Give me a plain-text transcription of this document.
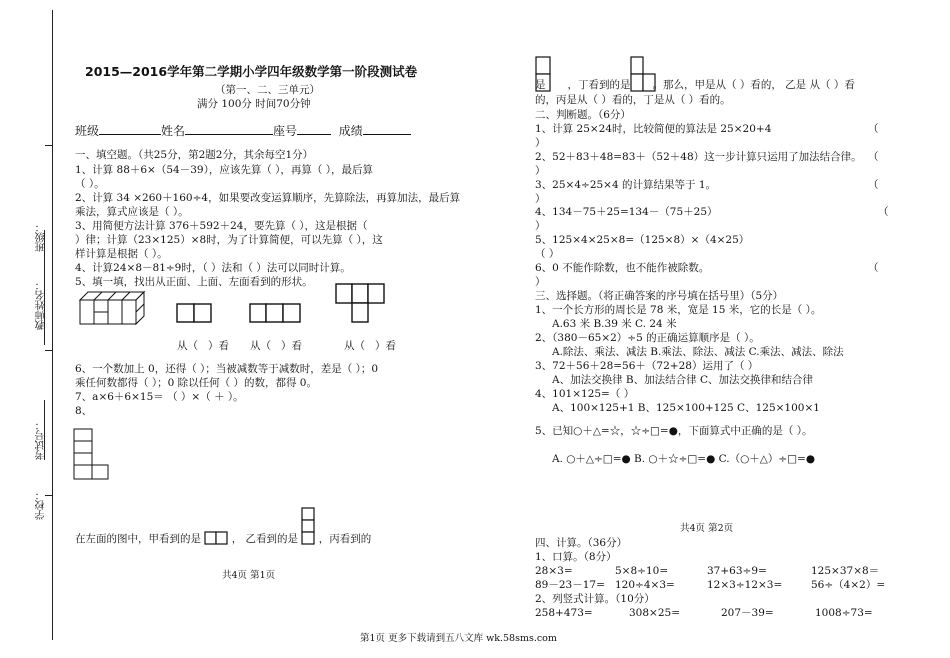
学校：
考试号：
教师姓名：
班级：
2015—2016学年第二学期小学四年级数学第一阶段测试卷
（第一、二、三单元）
满分 100分 时间70分钟
班级	姓名	座号	成绩
一、填空题。（共25分，第2题2分，其余每空1分）
1、计算 88＋6×（54－39），应该先算（ ），再算（ ），最后算
（ ）。
2、计算 34 ×260＋160÷4，如果要改变运算顺序，先算除法，再算加法，最后算
乘法，算式应该是（ ）。
3、用简便方法计算 376＋592＋24，要先算（ ），这是根据（
）律；计算（23×125）×8时，为了计算简便，可以先算（ ），这
样计算是根据（ ）。
4、计算24×8－81÷9时，（ ）法和（ ）法可以同时计算。
5、填一填，找出从正面、上面、左面看到的形状。
从（ ）看 从（ ）看	从（ ）看
6、一个数加上 0，还得（ ）；当被减数等于减数时，差是（ ）；0
乘任何数都得（ ）；0 除以任何（ ）的数，都得 0。
7、a×6＋6×15＝ （ ）×（ ＋ ）。
8、
在左面的图中，甲看到的是	， 乙看到的是 ，丙看到的
共4页 第1页
是 ，丁看到的是 。那么，甲是从（ ）看的， 乙是 从（ ）看
的，丙是从（ ）看的，丁是从（ ）看的。
二、判断题。（6分）
1、计算 25×24时，比较简便的算法是 25×20+4	（
）
2、52＋83＋48=83＋（52＋48）这一步计算只运用了加法结合律。 （
）
3、25×4÷25×4 的计算结果等于 1。	（
）
4、134－75＋25=134－（75＋25）	（
）
5、125×4×25×8=（125×8）×（4×25）
（ ）
6、0 不能作除数，也不能作被除数。	（
）
三、选择题。（将正确答案的序号填在括号里）（5分）
1、一个长方形的周长是 78 米，宽是 15 米，它的长是（ ）。
A.63 米 B.39 米 C. 24 米
2、（380－65×2）÷5 的正确运算顺序是（ ）。
A.除法、乘法、减法 B.乘法、除法、减法 C.乘法、减法、除法
3、72＋56＋28=56＋（72+28）运用了（ ）
A、加法交换律 B、加法结合律 C、加法交换律和结合律
4、101×125=（ ）
A、100×125+1 B、125×100+125 C、125×100×1
5、已知○＋△=☆，☆÷□=●，下面算式中正确的是（ ）。
A. ○＋△÷□=● B. ○＋☆÷□=● C.（○＋△）÷□=●
共4页 第2页
四、计算。（36分）
1、口算。（8分）
28×3=	5×8÷10=	37+63÷9=	125×37×8＝
89－23－17= 120÷4×3=	12×3÷12×3=	56÷（4×2）=
2、列竖式计算。（10分）
258+473=	308×25=	207－39=	1008÷73=
第1页 更多下载请到五八文库 wk.58sms.com
